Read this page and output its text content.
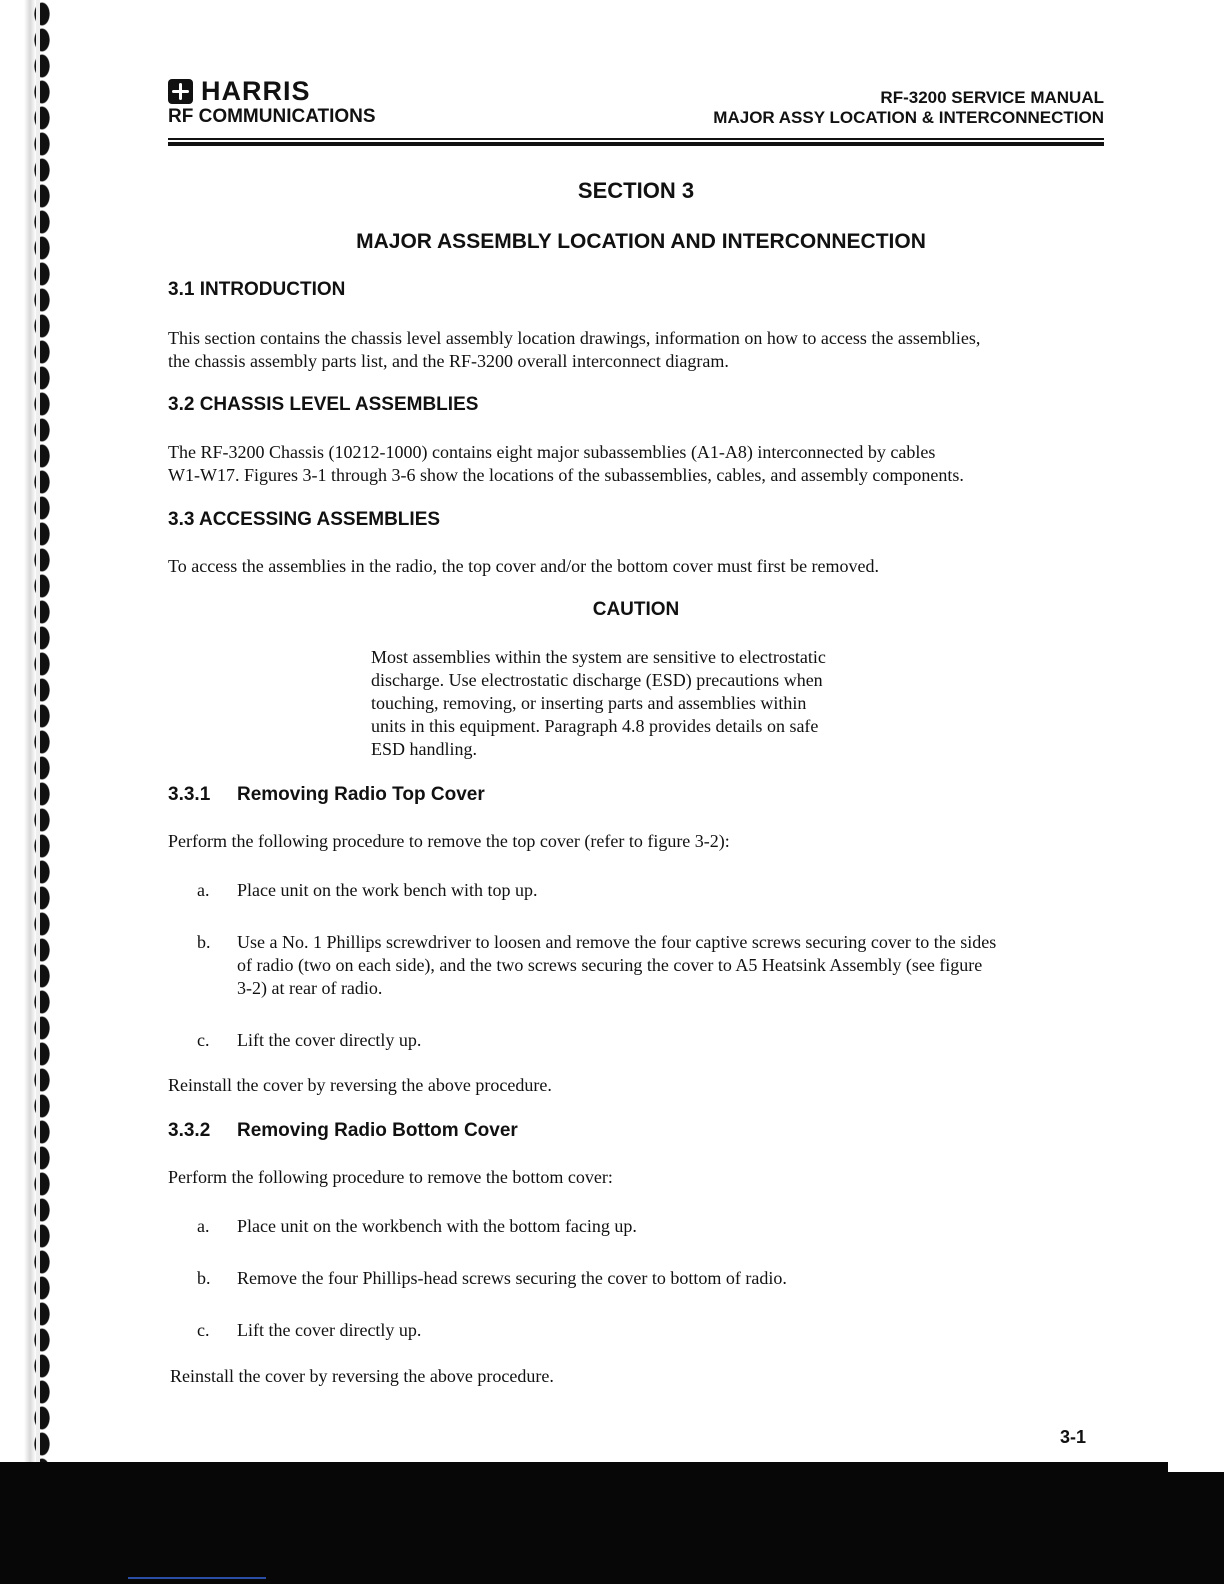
HARRIS
RF COMMUNICATIONS
RF-3200 SERVICE MANUAL
MAJOR ASSY LOCATION & INTERCONNECTION
SECTION 3
MAJOR ASSEMBLY LOCATION AND INTERCONNECTION
3.1 INTRODUCTION
This section contains the chassis level assembly location drawings, information on how to access the assemblies,
the chassis assembly parts list, and the RF-3200 overall interconnect diagram.
3.2 CHASSIS LEVEL ASSEMBLIES
The RF-3200 Chassis (10212-1000) contains eight major subassemblies (A1-A8) interconnected by cables
W1-W17. Figures 3-1 through 3-6 show the locations of the subassemblies, cables, and assembly components.
3.3 ACCESSING ASSEMBLIES
To access the assemblies in the radio, the top cover and/or the bottom cover must first be removed.
CAUTION
Most assemblies within the system are sensitive to electrostatic
discharge. Use electrostatic discharge (ESD) precautions when
touching, removing, or inserting parts and assemblies within
units in this equipment. Paragraph 4.8 provides details on safe
ESD handling.
3.3.1 Removing Radio Top Cover
Perform the following procedure to remove the top cover (refer to figure 3-2):
a. Place unit on the work bench with top up.
b. Use a No. 1 Phillips screwdriver to loosen and remove the four captive screws securing cover to the sides
of radio (two on each side), and the two screws securing the cover to A5 Heatsink Assembly (see figure
3-2) at rear of radio.
c. Lift the cover directly up.
Reinstall the cover by reversing the above procedure.
3.3.2 Removing Radio Bottom Cover
Perform the following procedure to remove the bottom cover:
a. Place unit on the workbench with the bottom facing up.
b. Remove the four Phillips-head screws securing the cover to bottom of radio.
c. Lift the cover directly up.
Reinstall the cover by reversing the above procedure.
3-1
